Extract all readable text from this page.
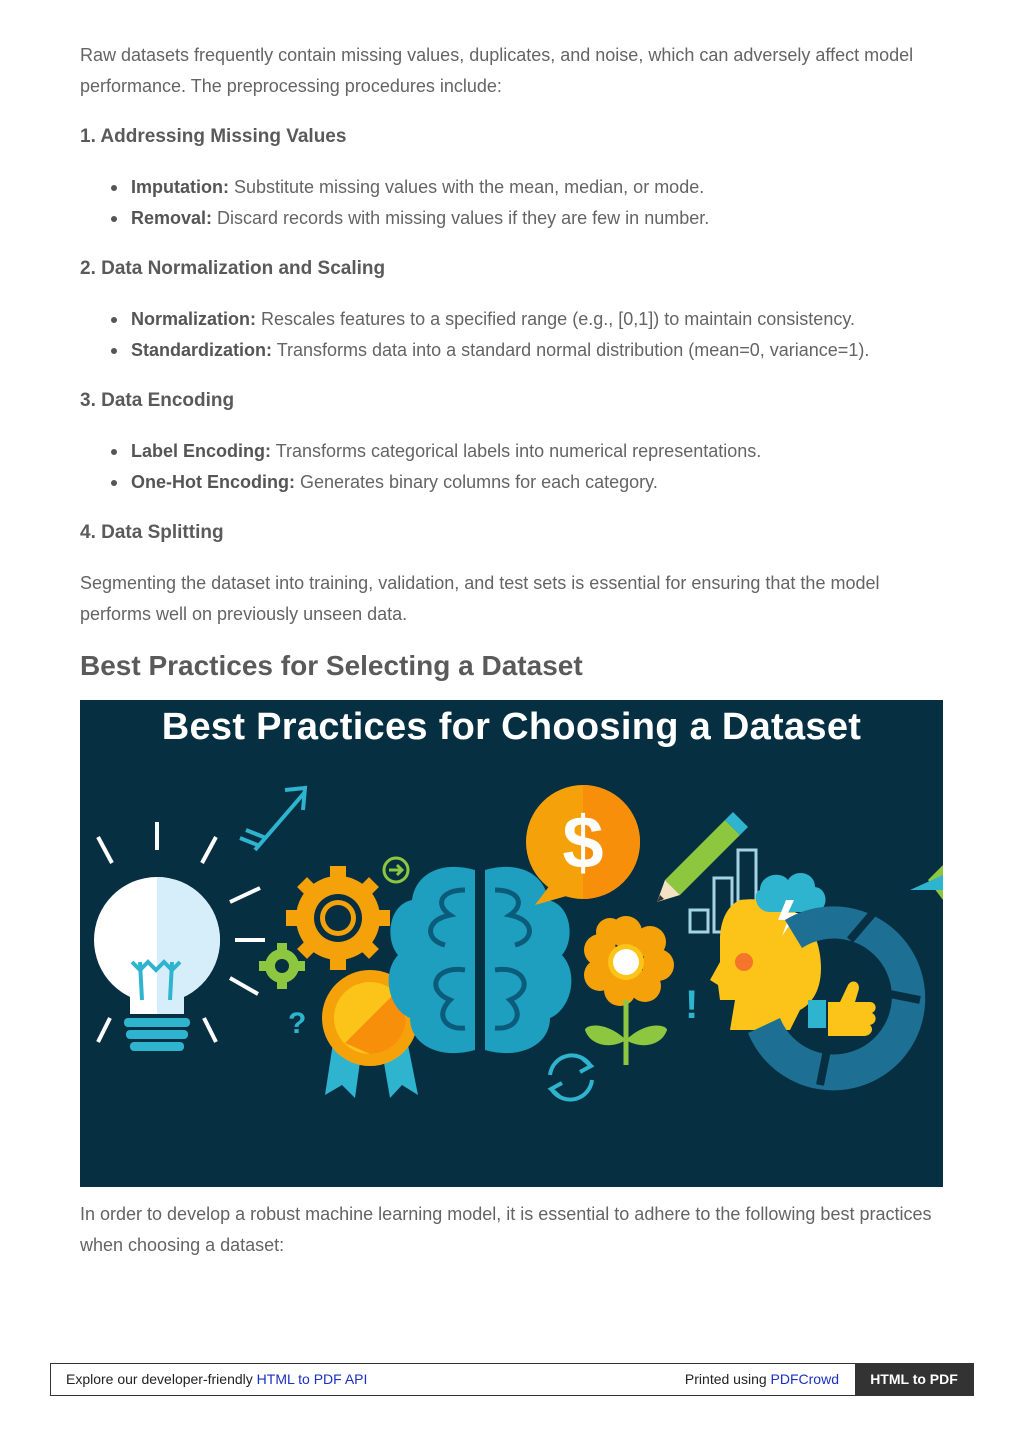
Raw datasets frequently contain missing values, duplicates, and noise, which can adversely affect model performance. The preprocessing procedures include:

1. Addressing Missing Values
Imputation: Substitute missing values with the mean, median, or mode.
Removal: Discard records with missing values if they are few in number.
2. Data Normalization and Scaling
Normalization: Rescales features to a specified range (e.g., [0,1]) to maintain consistency.
Standardization: Transforms data into a standard normal distribution (mean=0, variance=1).
3. Data Encoding
Label Encoding: Transforms categorical labels into numerical representations.
One-Hot Encoding: Generates binary columns for each category.
4. Data Splitting

Segmenting the dataset into training, validation, and test sets is essential for ensuring that the model performs well on previously unseen data.

Best Practices for Selecting a Dataset
?
$
!
Best Practices for Choosing a Dataset

In order to develop a robust machine learning model, it is essential to adhere to the following best practices when choosing a dataset:

Explore our developer-friendly HTML to PDF API	Printed using PDFCrowd	HTML to PDF
